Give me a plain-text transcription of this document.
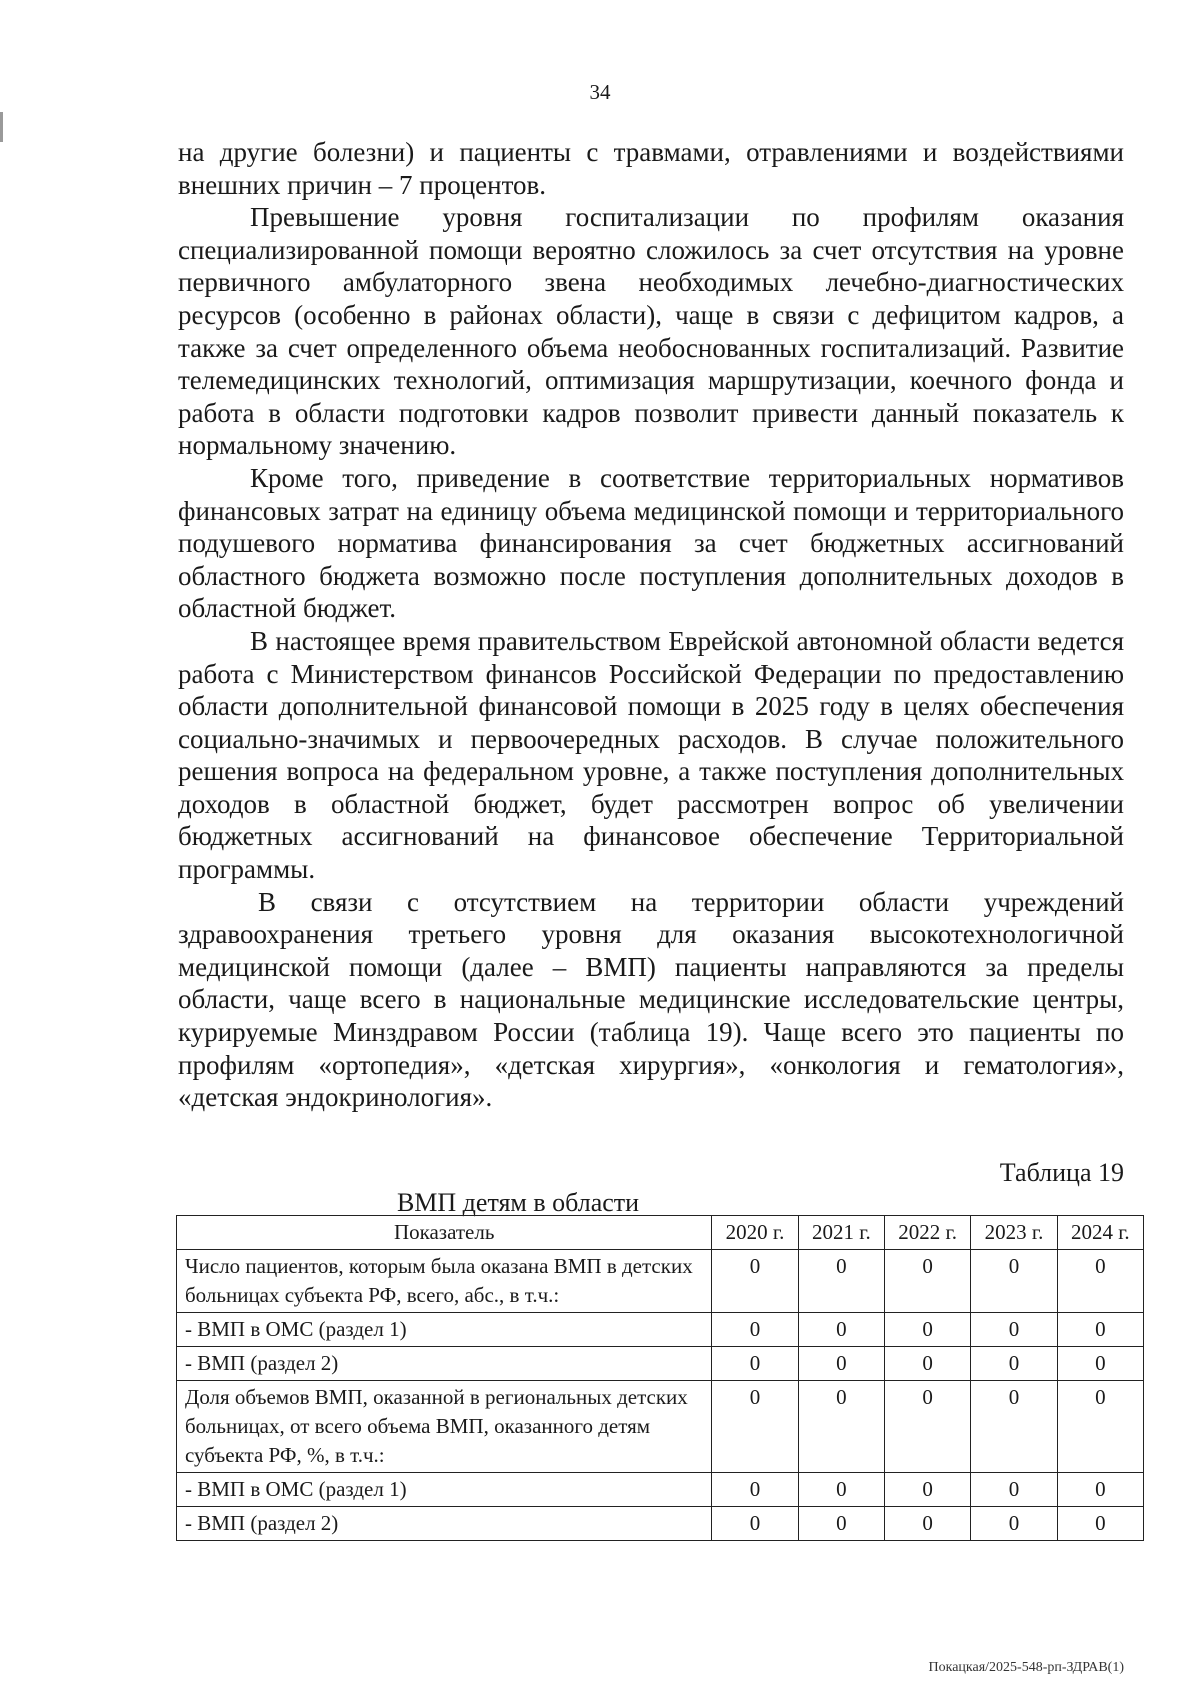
34

на другие болезни) и пациенты с травмами, отравлениями и воздействиями внешних причин – 7 процентов.

Превышение уровня госпитализации по профилям оказания специализированной помощи вероятно сложилось за счет отсутствия на уровне первичного амбулаторного звена необходимых лечебно-диагностических ресурсов (особенно в районах области), чаще в связи с дефицитом кадров, а также за счет определенного объема необоснованных госпитализаций. Развитие телемедицинских технологий, оптимизация маршрутизации, коечного фонда и работа в области подготовки кадров позволит привести данный показатель к нормальному значению.

Кроме того, приведение в соответствие территориальных нормативов финансовых затрат на единицу объема медицинской помощи и территориального подушевого норматива финансирования за счет бюджетных ассигнований областного бюджета возможно после поступления дополнительных доходов в областной бюджет.

В настоящее время правительством Еврейской автономной области ведется работа с Министерством финансов Российской Федерации по предоставлению области дополнительной финансовой помощи в 2025 году в целях обеспечения социально-значимых и первоочередных расходов. В случае положительного решения вопроса на федеральном уровне, а также поступления дополнительных доходов в областной бюджет, будет рассмотрен вопрос об увеличении бюджетных ассигнований на финансовое обеспечение Территориальной программы.

В связи с отсутствием на территории области учреждений здравоохранения третьего уровня для оказания высокотехнологичной медицинской помощи (далее – ВМП) пациенты направляются за пределы области, чаще всего в национальные медицинские исследовательские центры, курируемые Минздравом России (таблица 19). Чаще всего это пациенты по профилям «ортопедия», «детская хирургия», «онкология и гематология», «детская эндокринология».

Таблица 19
ВМП детям в области
Показатель	2020 г.	2021 г.	2022 г.	2023 г.	2024 г.
Число пациентов, которым была оказана ВМП в детских больницах субъекта РФ, всего, абс., в т.ч.:	0	0	0	0	0
- ВМП в ОМС (раздел 1)	0	0	0	0	0
- ВМП (раздел 2)	0	0	0	0	0
Доля объемов ВМП, оказанной в региональных детских больницах, от всего объема ВМП, оказанного детям субъекта РФ, %, в т.ч.:	0	0	0	0	0
- ВМП в ОМС (раздел 1)	0	0	0	0	0
- ВМП (раздел 2)	0	0	0	0	0
Покацкая/2025-548-рп-ЗДРАВ(1)
